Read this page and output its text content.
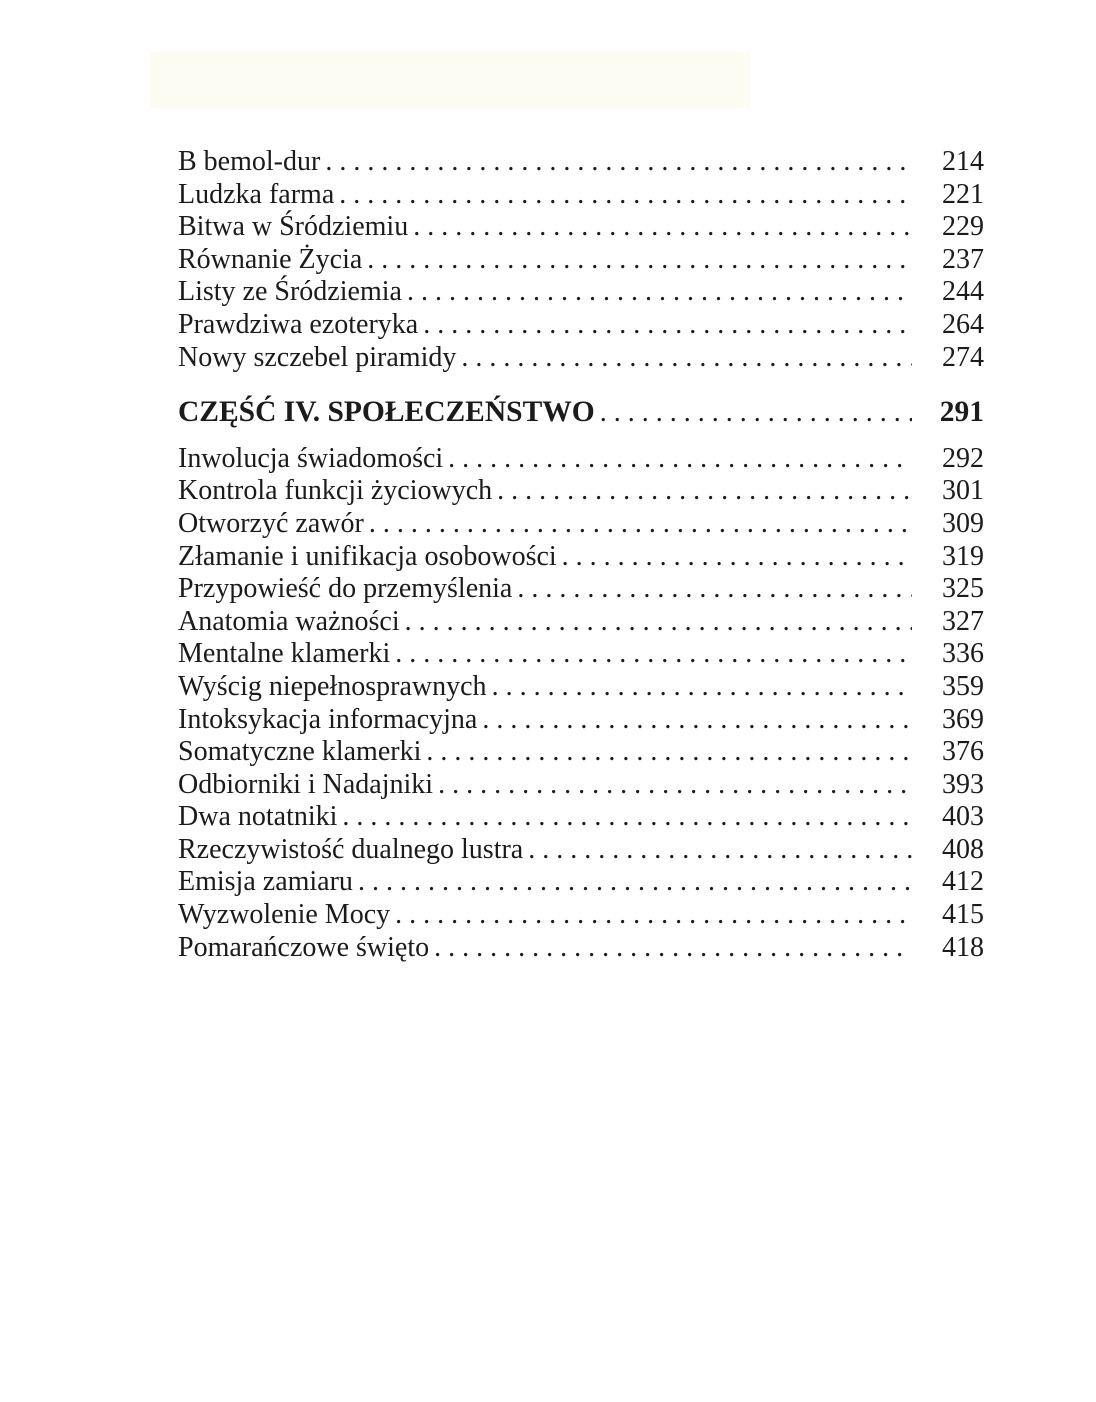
B bemol-dur . . .	214
Ludzka farma . . .	221
Bitwa w Śródziemiu . . .	229
Równanie Życia . . .	237
Listy ze Śródziemia . . .	244
Prawdziwa ezoteryka . . .	264
Nowy szczebel piramidy . . .	274
CZĘŚĆ IV. SPOŁECZEŃSTWO . . .	291
Inwolucja świadomości . . .	292
Kontrola funkcji życiowych . . .	301
Otworzyć zawór . . .	309
Złamanie i unifikacja osobowości . . .	319
Przypowieść do przemyślenia . . .	325
Anatomia ważności . . .	327
Mentalne klamerki . . .	336
Wyścig niepełnosprawnych . . .	359
Intoksykacja informacyjna . . .	369
Somatyczne klamerki . . .	376
Odbiorniki i Nadajniki . . .	393
Dwa notatniki . . .	403
Rzeczywistość dualnego lustra . . .	408
Emisja zamiaru . . .	412
Wyzwolenie Mocy . . .	415
Pomarańczowe święto . . .	418
